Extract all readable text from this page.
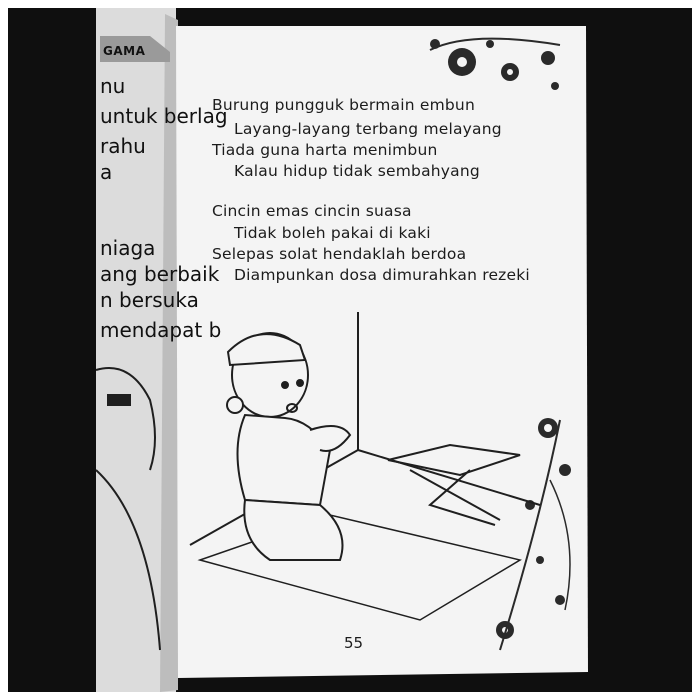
GAMA
nu
untuk berlag
rahu
a
niaga
ang berbaik
n bersuka
mendapat b
Burung pungguk bermain embun
Layang-layang terbang melayang
Tiada guna harta menimbun
Kalau hidup tidak sembahyang
Cincin emas cincin suasa
Tidak boleh pakai di kaki
Selepas solat hendaklah berdoa
Diampunkan dosa dimurahkan rezeki
55
